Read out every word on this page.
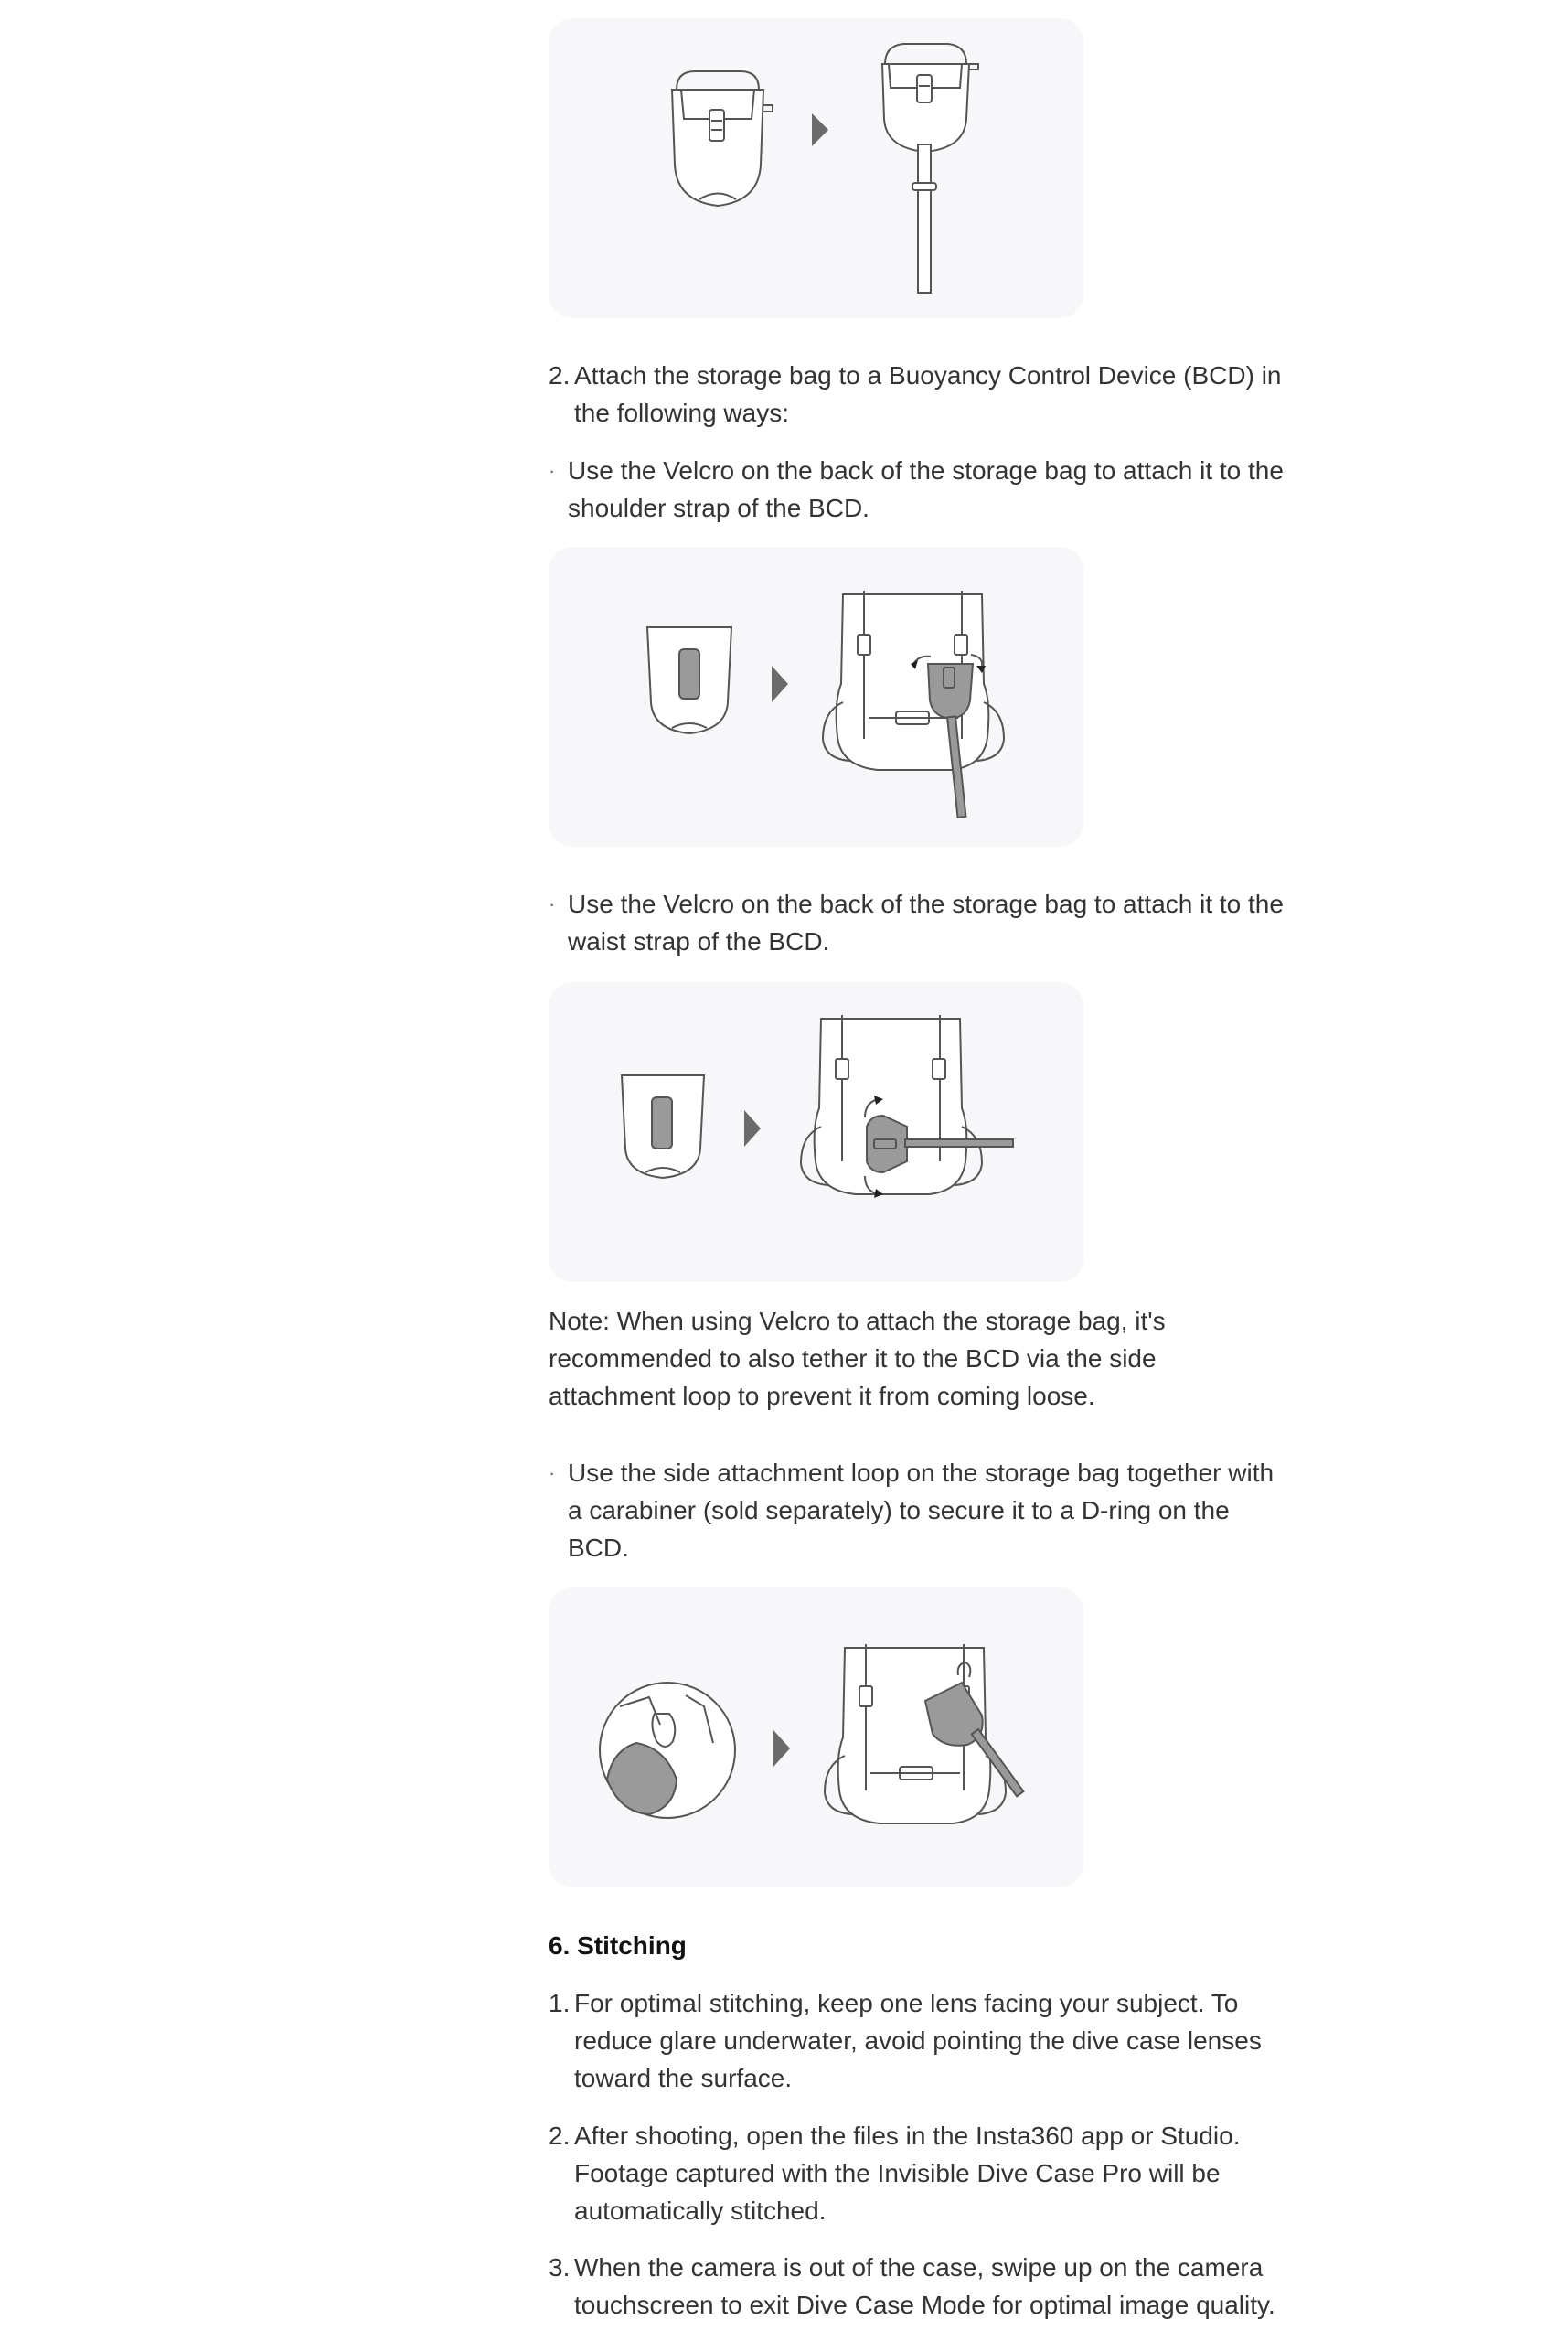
2. Attach the storage bag to a Buoyancy Control Device (BCD) in the following ways:
· Use the Velcro on the back of the storage bag to attach it to the shoulder strap of the BCD.
· Use the Velcro on the back of the storage bag to attach it to the waist strap of the BCD.
Note: When using Velcro to attach the storage bag, it's recommended to also tether it to the BCD via the side attachment loop to prevent it from coming loose.
· Use the side attachment loop on the storage bag together with a carabiner (sold separately) to secure it to a D-ring on the BCD.
6. Stitching
1. For optimal stitching, keep one lens facing your subject. To reduce glare underwater, avoid pointing the dive case lenses toward the surface.
2. After shooting, open the files in the Insta360 app or Studio. Footage captured with the Invisible Dive Case Pro will be automatically stitched.
3. When the camera is out of the case, swipe up on the camera touchscreen to exit Dive Case Mode for optimal image quality.
